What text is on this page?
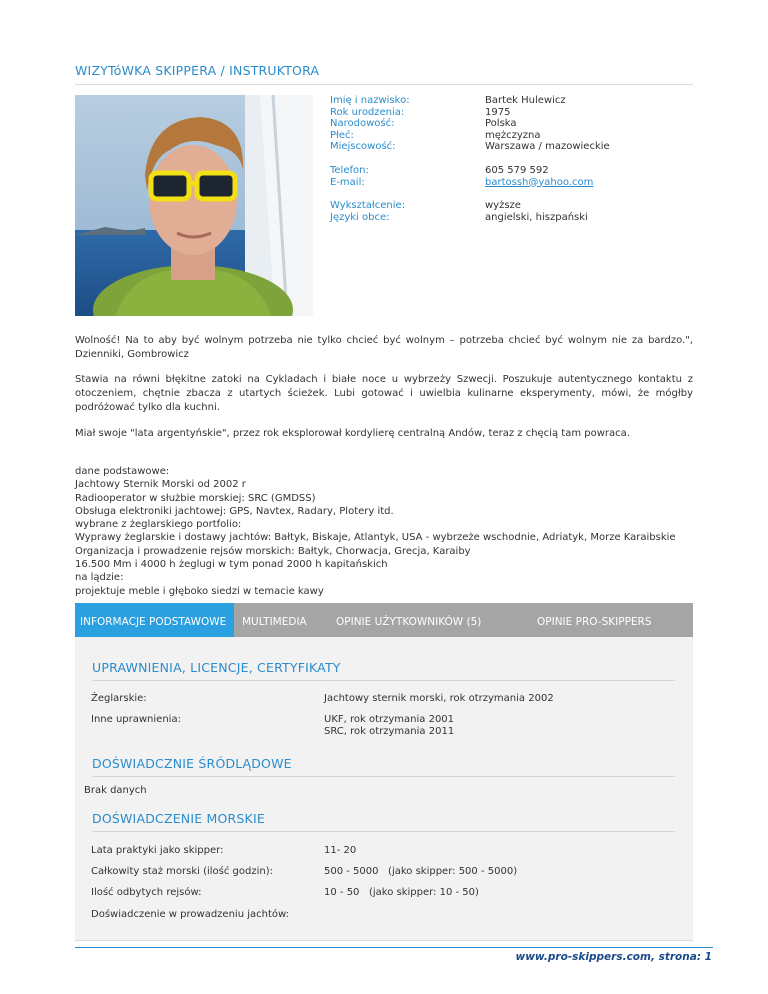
WIZYTóWKA SKIPPERA / INSTRUKTORA
Imię i nazwisko:	Bartek Hulewicz
Rok urodzenia:	1975
Narodowość:	Polska
Płeć:	mężczyzna
Miejscowość:	Warszawa / mazowieckie
Telefon:	605 579 592
E-mail:	bartossh@yahoo.com
Wykształcenie:	wyższe
Języki obce:	angielski, hiszpański
Wolność! Na to aby być wolnym potrzeba nie tylko chcieć być wolnym – potrzeba chcieć być wolnym nie za bardzo.", Dzienniki, Gombrowicz
Stawia na równi błękitne zatoki na Cykladach i białe noce u wybrzeży Szwecji. Poszukuje autentycznego kontaktu z otoczeniem, chętnie zbacza z utartych ścieżek. Lubi gotować i uwielbia kulinarne eksperymenty, mówi, że mógłby podróżować tylko dla kuchni.
Miał swoje "lata argentyńskie", przez rok eksplorował kordylierę centralną Andów, teraz z chęcią tam powraca.
dane podstawowe:
Jachtowy Sternik Morski od 2002 r
Radiooperator w służbie morskiej: SRC (GMDSS)
Obsługa elektroniki jachtowej: GPS, Navtex, Radary, Plotery itd.
wybrane z żeglarskiego portfolio:
Wyprawy żeglarskie i dostawy jachtów: Bałtyk, Biskaje, Atlantyk, USA - wybrzeże wschodnie, Adriatyk, Morze Karaibskie
Organizacja i prowadzenie rejsów morskich: Bałtyk, Chorwacja, Grecja, Karaiby
16.500 Mm i 4000 h żeglugi w tym ponad 2000 h kapitańskich
na lądzie:
projektuje meble i głęboko siedzi w temacie kawy
INFORMACJE PODSTAWOWE	MULTIMEDIA	OPINIE UŻYTKOWNIKÓW (5)	OPINIE PRO-SKIPPERS
UPRAWNIENIA, LICENCJE, CERTYFIKATY
Żeglarskie:	Jachtowy sternik morski, rok otrzymania 2002
Inne uprawnienia:	UKF, rok otrzymania 2001
SRC, rok otrzymania 2011
DOŚWIADCZNIE ŚRÓDLĄDOWE
Brak danych
DOŚWIADCZENIE MORSKIE
Lata praktyki jako skipper:	11- 20
Całkowity staż morski (ilość godzin):	500 - 5000   (jako skipper: 500 - 5000)
Ilość odbytych rejsów:	10 - 50   (jako skipper: 10 - 50)
Doświadczenie w prowadzeniu jachtów:
www.pro-skippers.com, strona: 1
